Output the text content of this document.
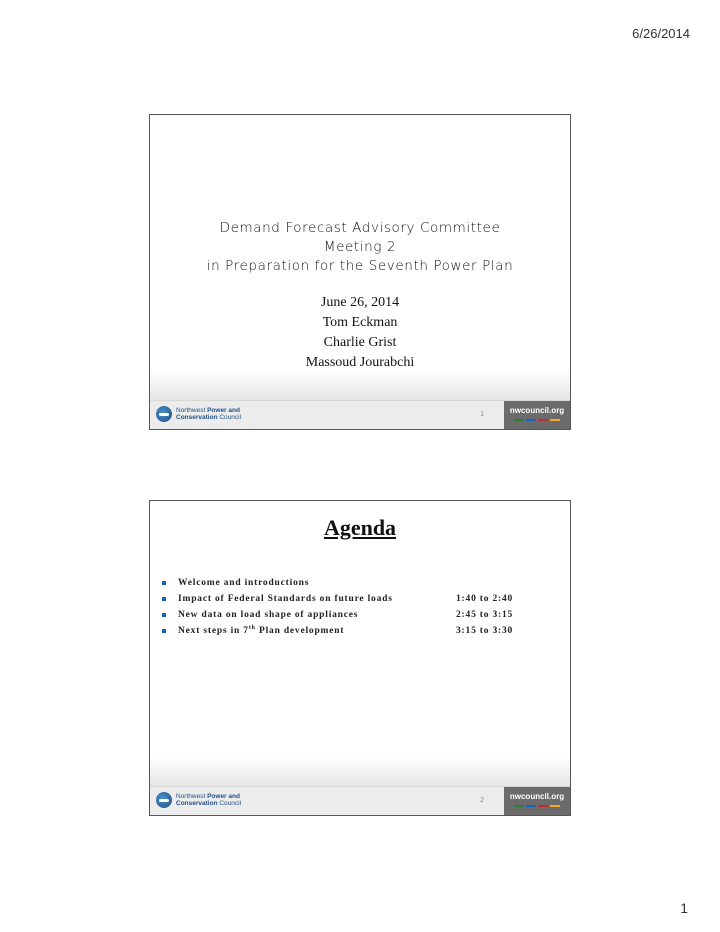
6/26/2014
Demand Forecast Advisory Committee
Meeting 2
in Preparation for the Seventh Power Plan
June 26, 2014
Tom Eckman
Charlie Grist
Massoud Jourabchi
Northwest Power and
Conservation Council	1	nwcouncil.org
Agenda
Welcome and introductions
Impact of Federal Standards on future loads	1:40 to 2:40
New data on load shape of appliances	2:45 to 3:15
Next steps in 7th Plan development	3:15 to 3:30
Northwest Power and
Conservation Council	2	nwcouncil.org
1
